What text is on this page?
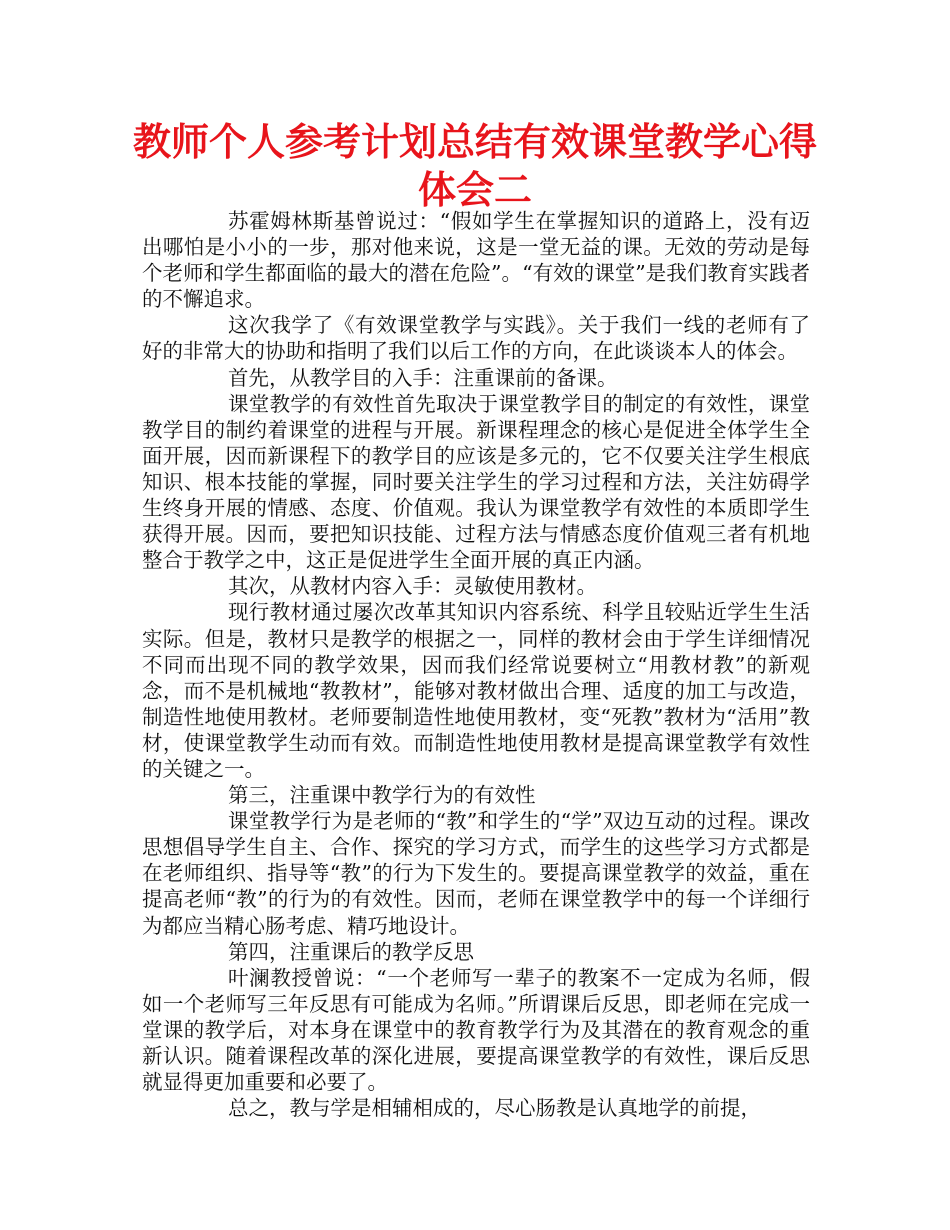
教师个人参考计划总结有效课堂教学心得体会二

苏霍姆林斯基曾说过：“假如学生在掌握知识的道路上，没有迈出哪怕是小小的一步，那对他来说，这是一堂无益的课。无效的劳动是每个老师和学生都面临的最大的潜在危险”。“有效的课堂”是我们教育实践者的不懈追求。

这次我学了《有效课堂教学与实践》。关于我们一线的老师有了好的非常大的协助和指明了我们以后工作的方向，在此谈谈本人的体会。

首先，从教学目的入手：注重课前的备课。

课堂教学的有效性首先取决于课堂教学目的制定的有效性，课堂教学目的制约着课堂的进程与开展。新课程理念的核心是促进全体学生全面开展，因而新课程下的教学目的应该是多元的，它不仅要关注学生根底知识、根本技能的掌握，同时要关注学生的学习过程和方法，关注妨碍学生终身开展的情感、态度、价值观。我认为课堂教学有效性的本质即学生获得开展。因而，要把知识技能、过程方法与情感态度价值观三者有机地整合于教学之中，这正是促进学生全面开展的真正内涵。

其次，从教材内容入手：灵敏使用教材。

现行教材通过屡次改革其知识内容系统、科学且较贴近学生生活实际。但是，教材只是教学的根据之一，同样的教材会由于学生详细情况不同而出现不同的教学效果，因而我们经常说要树立“用教材教”的新观念，而不是机械地“教教材”，能够对教材做出合理、适度的加工与改造，制造性地使用教材。老师要制造性地使用教材，变“死教”教材为“活用”教材，使课堂教学生动而有效。而制造性地使用教材是提高课堂教学有效性的关键之一。

第三，注重课中教学行为的有效性

课堂教学行为是老师的“教”和学生的“学”双边互动的过程。课改思想倡导学生自主、合作、探究的学习方式，而学生的这些学习方式都是在老师组织、指导等“教”的行为下发生的。要提高课堂教学的效益，重在提高老师“教”的行为的有效性。因而，老师在课堂教学中的每一个详细行为都应当精心肠考虑、精巧地设计。

第四，注重课后的教学反思

叶澜教授曾说：“一个老师写一辈子的教案不一定成为名师，假如一个老师写三年反思有可能成为名师。”所谓课后反思，即老师在完成一堂课的教学后，对本身在课堂中的教育教学行为及其潜在的教育观念的重新认识。随着课程改革的深化进展，要提高课堂教学的有效性，课后反思就显得更加重要和必要了。

总之，教与学是相辅相成的，尽心肠教是认真地学的前提，
